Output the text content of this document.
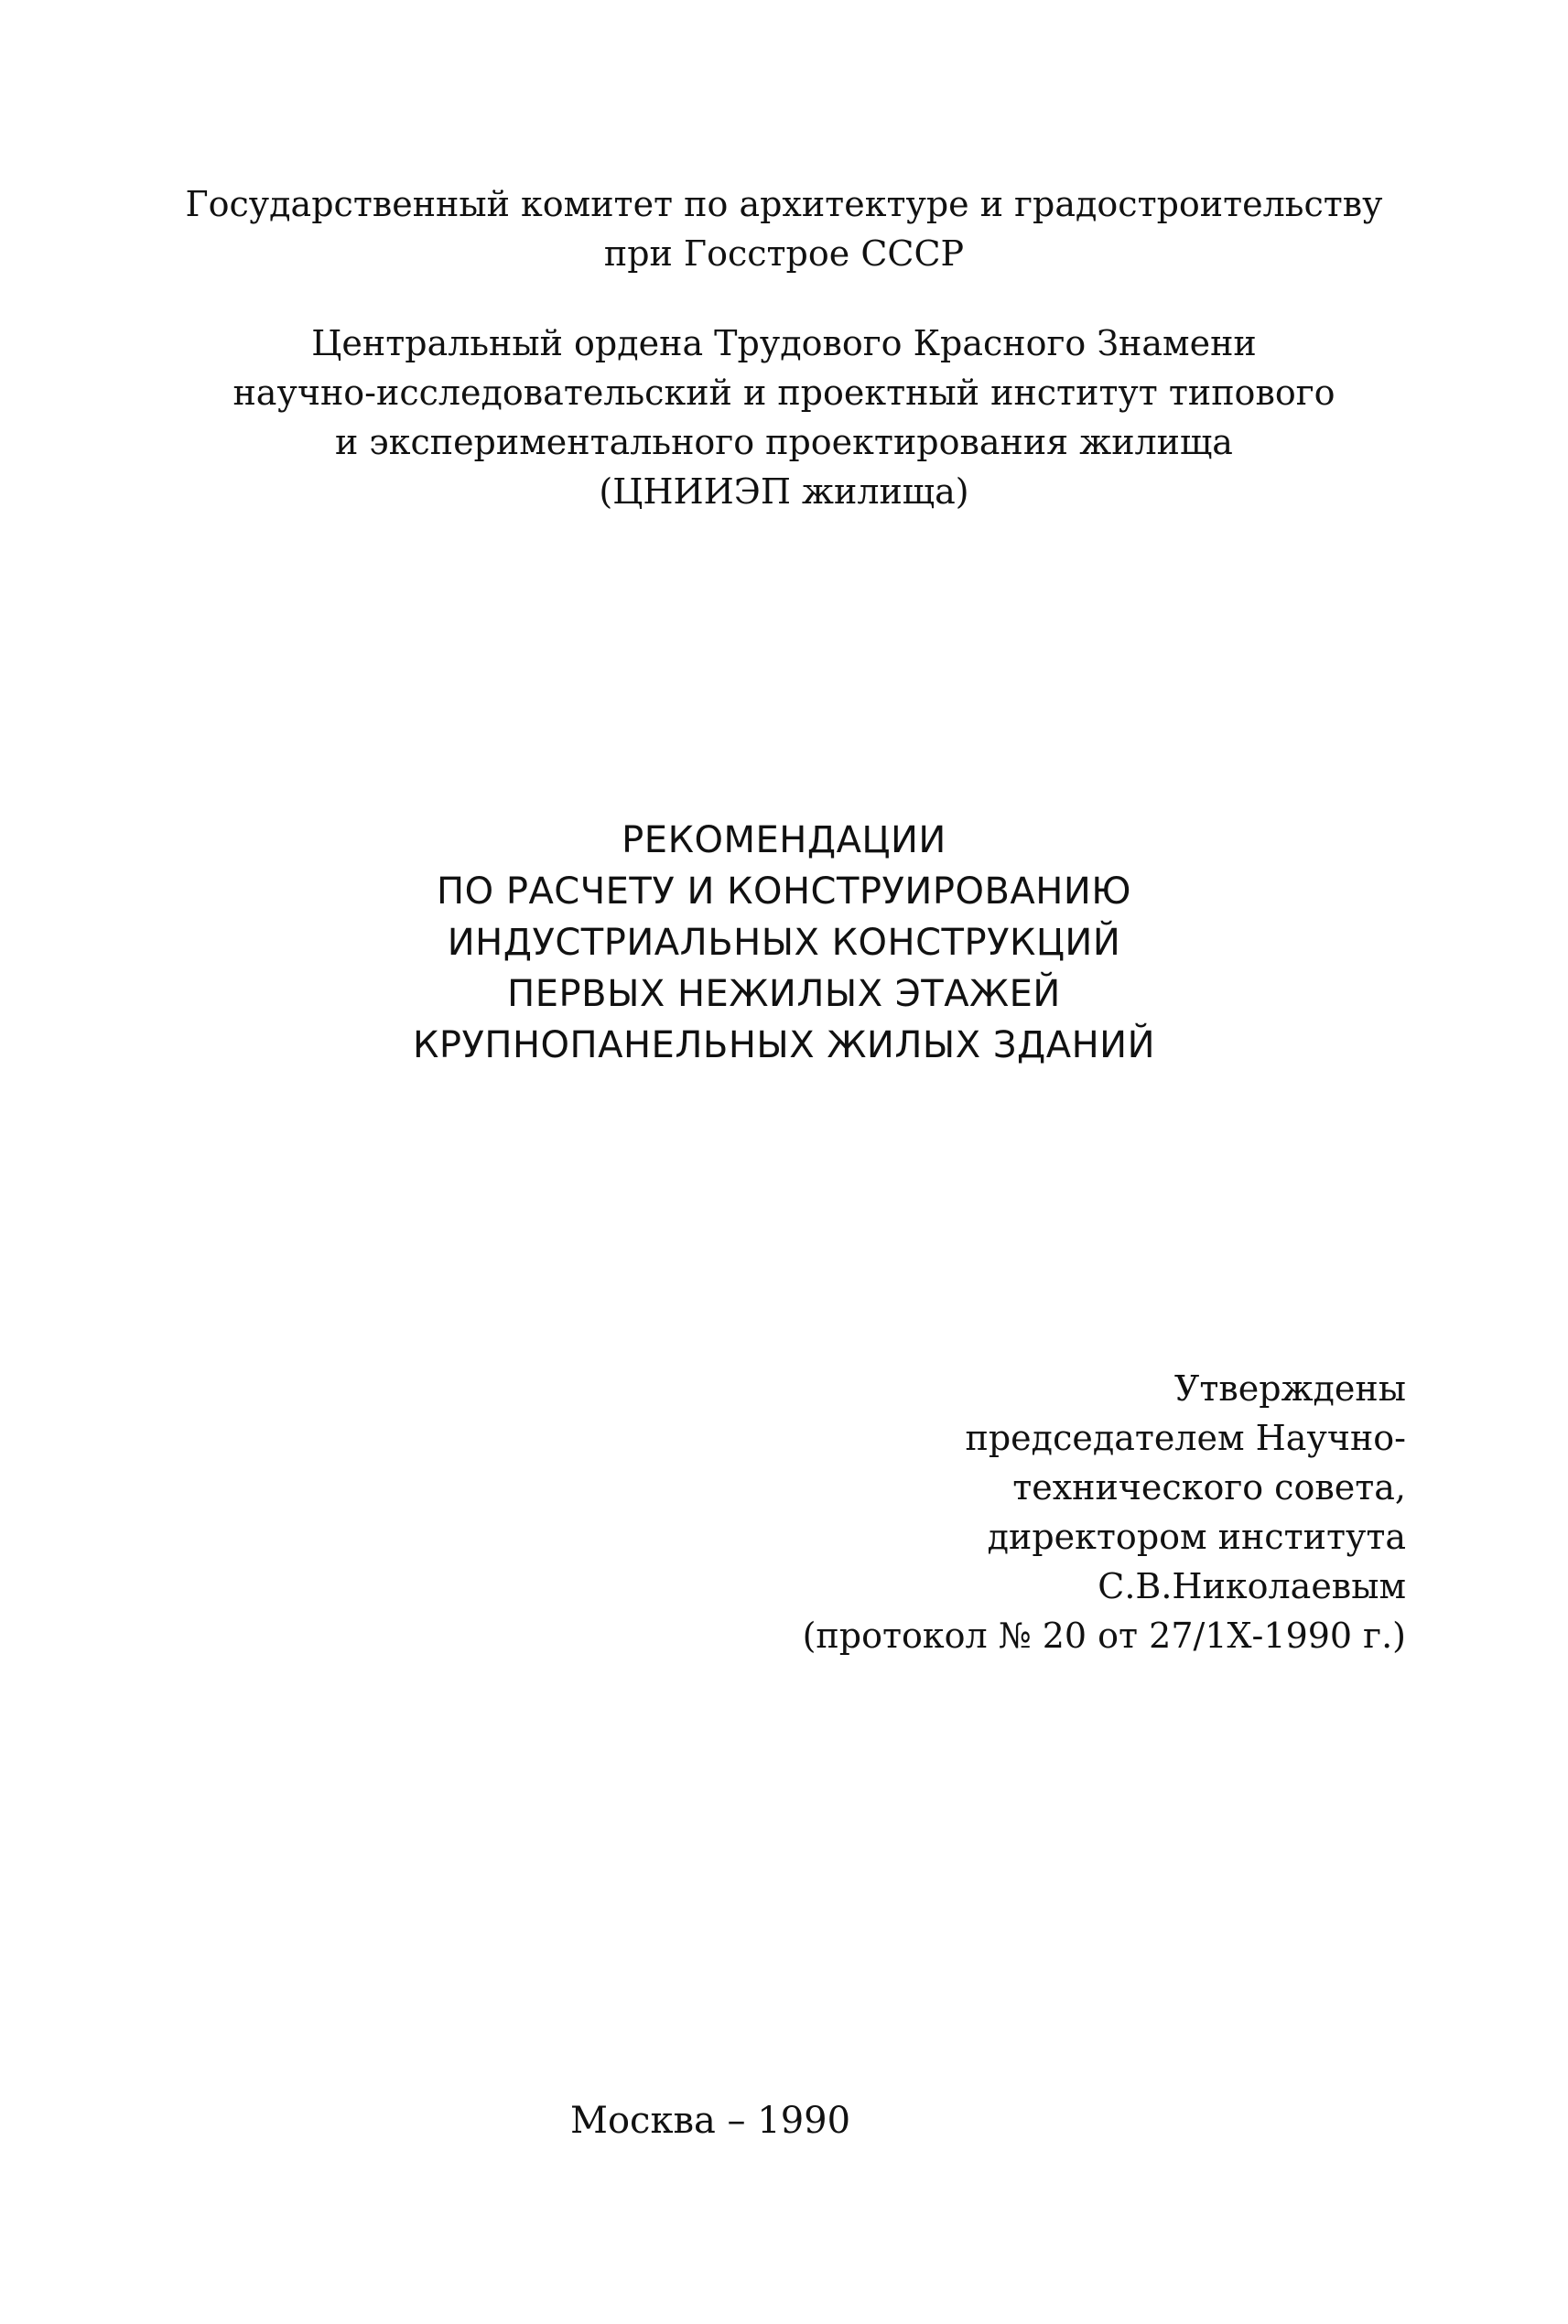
Государственный комитет по архитектуре и градостроительству
при Госстрое СССР
Центральный ордена Трудового Красного Знамени
научно-исследовательский и проектный институт типового
и экспериментального проектирования жилища
(ЦНИИЭП жилища)
РЕКОМЕНДАЦИИ
ПО РАСЧЕТУ И КОНСТРУИРОВАНИЮ
ИНДУСТРИАЛЬНЫХ КОНСТРУКЦИЙ
ПЕРВЫХ НЕЖИЛЫХ ЭТАЖЕЙ
КРУПНОПАНЕЛЬНЫХ ЖИЛЫХ ЗДАНИЙ
Утверждены
председателем Научно-
технического совета,
директором института
С.В.Николаевым
(протокол № 20 от 27/1Х-1990 г.)
Москва – 1990
